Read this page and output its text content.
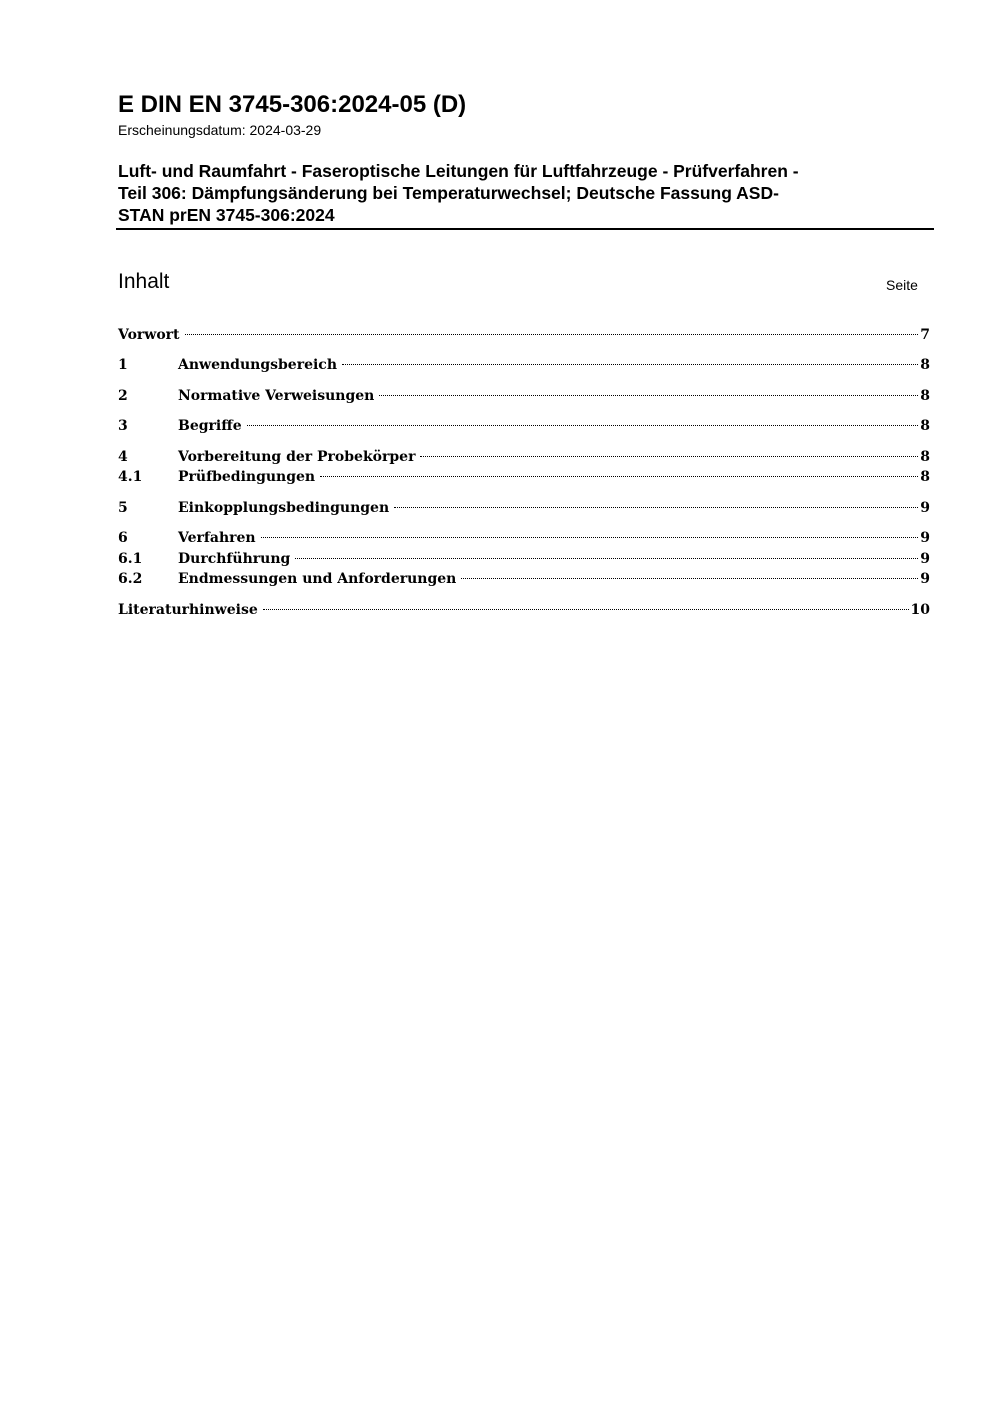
E DIN EN 3745-306:2024-05 (D)
Erscheinungsdatum: 2024-03-29
Luft- und Raumfahrt - Faseroptische Leitungen für Luftfahrzeuge - Prüfverfahren -
Teil 306: Dämpfungsänderung bei Temperaturwechsel; Deutsche Fassung ASD-
STAN prEN 3745-306:2024
Inhalt	Seite
Vorwort	7
1	Anwendungsbereich	8
2	Normative Verweisungen	8
3	Begriffe	8
4	Vorbereitung der Probekörper	8
4.1	Prüfbedingungen	8
5	Einkopplungsbedingungen	9
6	Verfahren	9
6.1	Durchführung	9
6.2	Endmessungen und Anforderungen	9
Literaturhinweise	10
